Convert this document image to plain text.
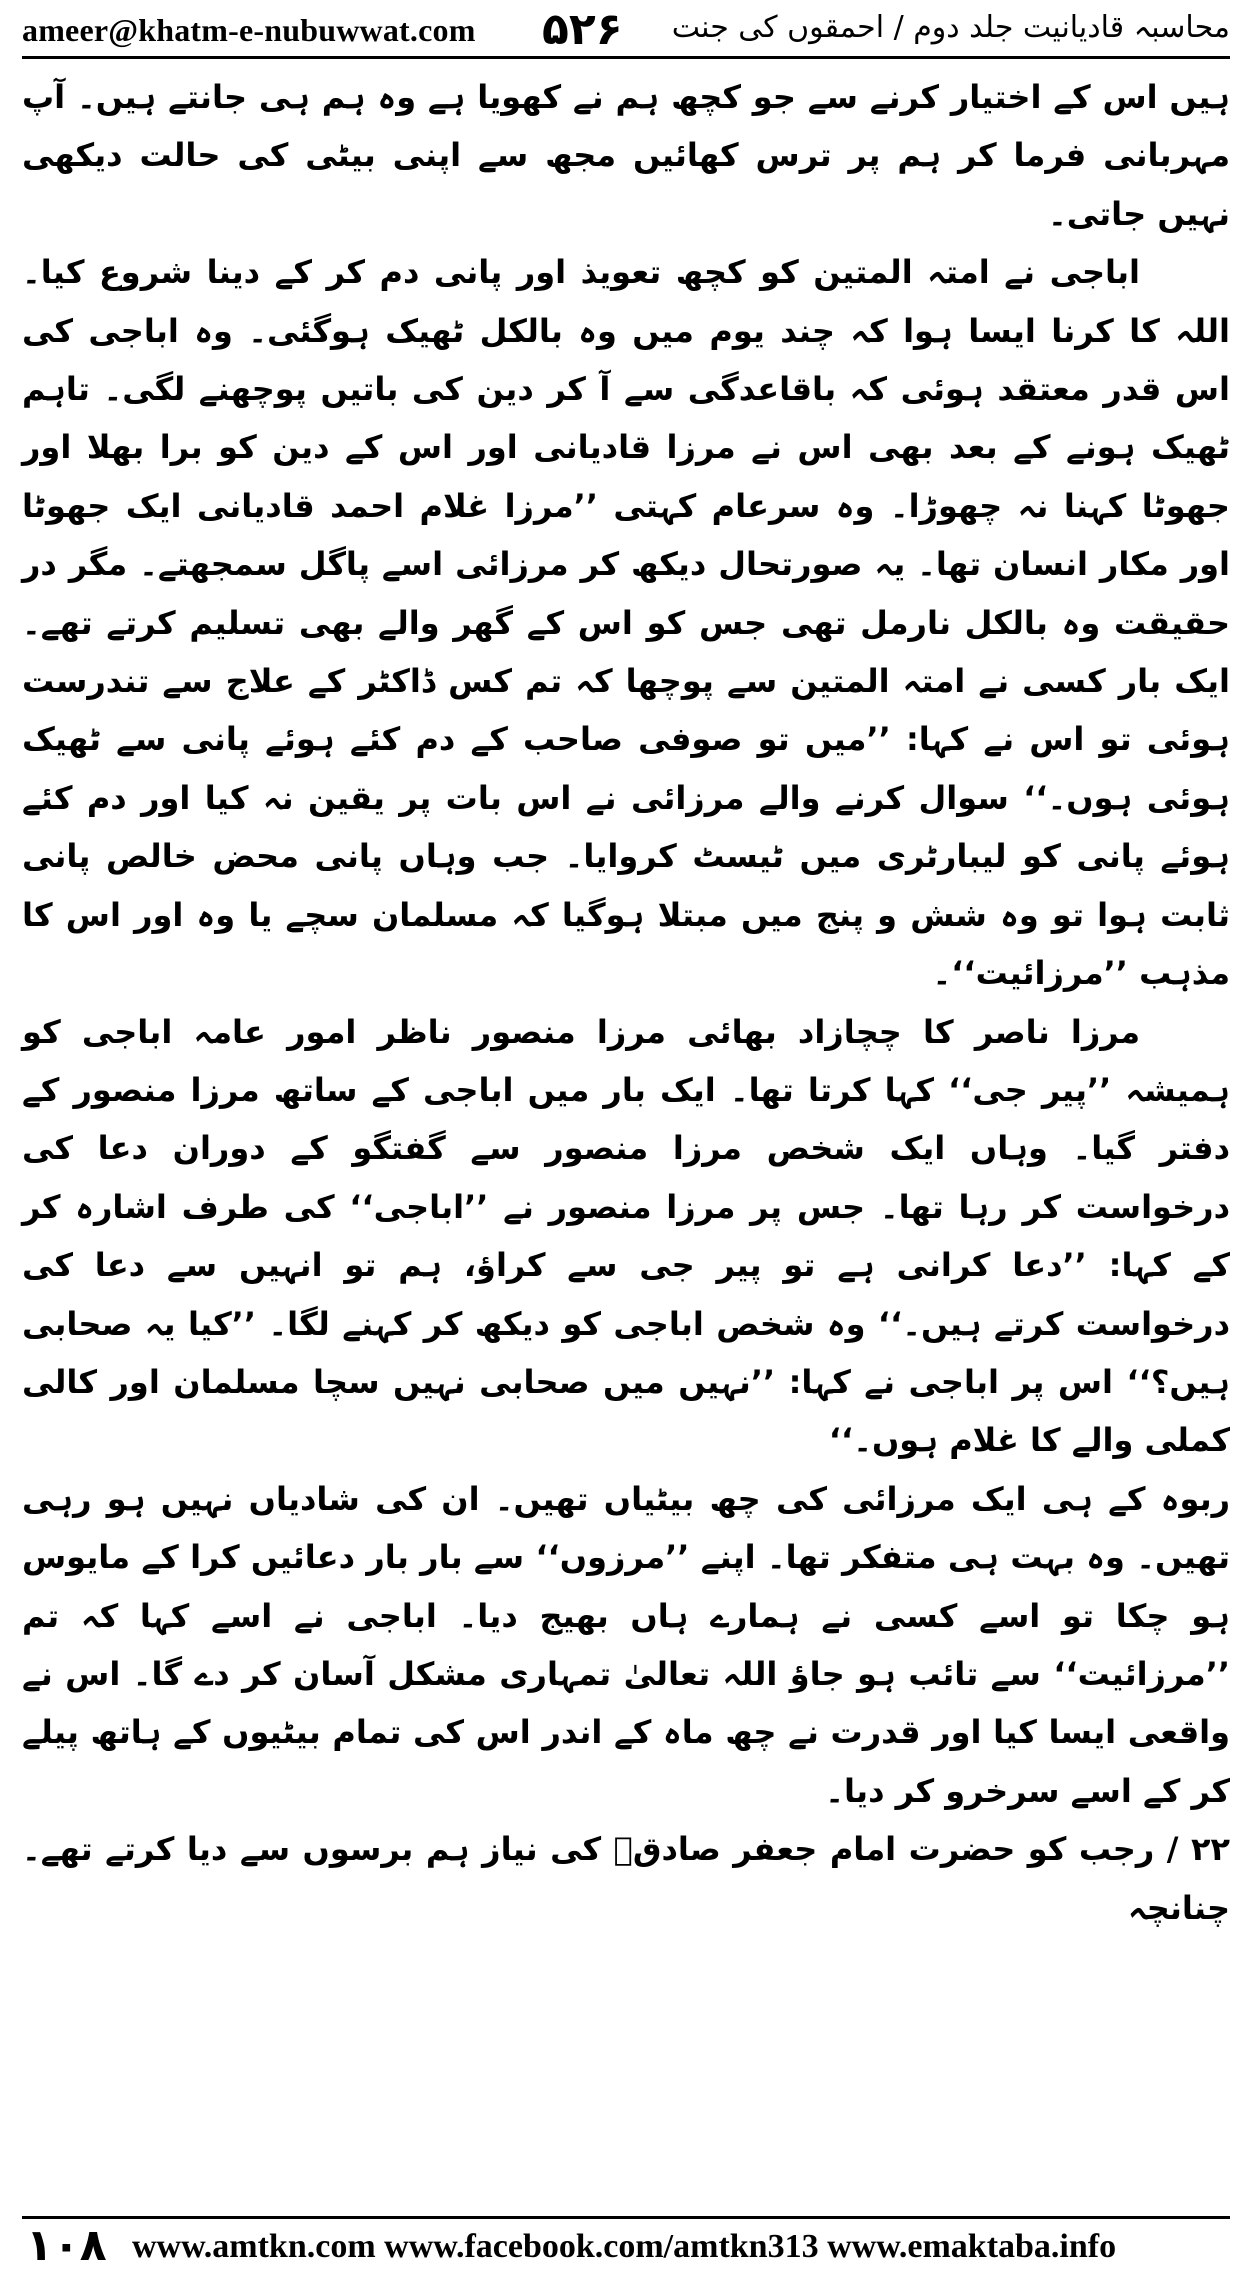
ameer@khatm-e-nubuwwat.com ۵۲۶ محاسبہ قادیانیت جلد دوم / احمقوں کی جنت

ہیں اس کے اختیار کرنے سے جو کچھ ہم نے کھویا ہے وہ ہم ہی جانتے ہیں۔ آپ مہربانی فرما کر ہم پر ترس کھائیں مجھ سے اپنی بیٹی کی حالت دیکھی نہیں جاتی۔

اباجی نے امتہ المتین کو کچھ تعویذ اور پانی دم کر کے دینا شروع کیا۔ اللہ کا کرنا ایسا ہوا کہ چند یوم میں وہ بالکل ٹھیک ہوگئی۔ وہ اباجی کی اس قدر معتقد ہوئی کہ باقاعدگی سے آ کر دین کی باتیں پوچھنے لگی۔ تاہم ٹھیک ہونے کے بعد بھی اس نے مرزا قادیانی اور اس کے دین کو برا بھلا اور جھوٹا کہنا نہ چھوڑا۔ وہ سرعام کہتی ’’مرزا غلام احمد قادیانی ایک جھوٹا اور مکار انسان تھا۔ یہ صورتحال دیکھ کر مرزائی اسے پاگل سمجھتے۔ مگر در حقیقت وہ بالکل نارمل تھی جس کو اس کے گھر والے بھی تسلیم کرتے تھے۔ ایک بار کسی نے امتہ المتین سے پوچھا کہ تم کس ڈاکٹر کے علاج سے تندرست ہوئی تو اس نے کہا: ’’میں تو صوفی صاحب کے دم کئے ہوئے پانی سے ٹھیک ہوئی ہوں۔‘‘ سوال کرنے والے مرزائی نے اس بات پر یقین نہ کیا اور دم کئے ہوئے پانی کو لیبارٹری میں ٹیسٹ کروایا۔ جب وہاں پانی محض خالص پانی ثابت ہوا تو وہ شش و پنج میں مبتلا ہوگیا کہ مسلمان سچے یا وہ اور اس کا مذہب ’’مرزائیت‘‘۔

مرزا ناصر کا چچازاد بھائی مرزا منصور ناظر امور عامہ اباجی کو ہمیشہ ’’پیر جی‘‘ کہا کرتا تھا۔ ایک بار میں اباجی کے ساتھ مرزا منصور کے دفتر گیا۔ وہاں ایک شخص مرزا منصور سے گفتگو کے دوران دعا کی درخواست کر رہا تھا۔ جس پر مرزا منصور نے ’’اباجی‘‘ کی طرف اشارہ کر کے کہا: ’’دعا کرانی ہے تو پیر جی سے کراؤ، ہم تو انہیں سے دعا کی درخواست کرتے ہیں۔‘‘ وہ شخص اباجی کو دیکھ کر کہنے لگا۔ ’’کیا یہ صحابی ہیں؟‘‘ اس پر اباجی نے کہا: ’’نہیں میں صحابی نہیں سچا مسلمان اور کالی کملی والے کا غلام ہوں۔‘‘

ربوہ کے ہی ایک مرزائی کی چھ بیٹیاں تھیں۔ ان کی شادیاں نہیں ہو رہی تھیں۔ وہ بہت ہی متفکر تھا۔ اپنے ’’مرزوں‘‘ سے بار بار دعائیں کرا کے مایوس ہو چکا تو اسے کسی نے ہمارے ہاں بھیج دیا۔ اباجی نے اسے کہا کہ تم ’’مرزائیت‘‘ سے تائب ہو جاؤ اللہ تعالیٰ تمہاری مشکل آسان کر دے گا۔ اس نے واقعی ایسا کیا اور قدرت نے چھ ماہ کے اندر اس کی تمام بیٹیوں کے ہاتھ پیلے کر کے اسے سرخرو کر دیا۔

۲۲ / رجب کو حضرت امام جعفر صادقؒ کی نیاز ہم برسوں سے دیا کرتے تھے۔ چنانچہ

۱۰۸ www.amtkn.com www.facebook.com/amtkn313 www.emaktaba.info
